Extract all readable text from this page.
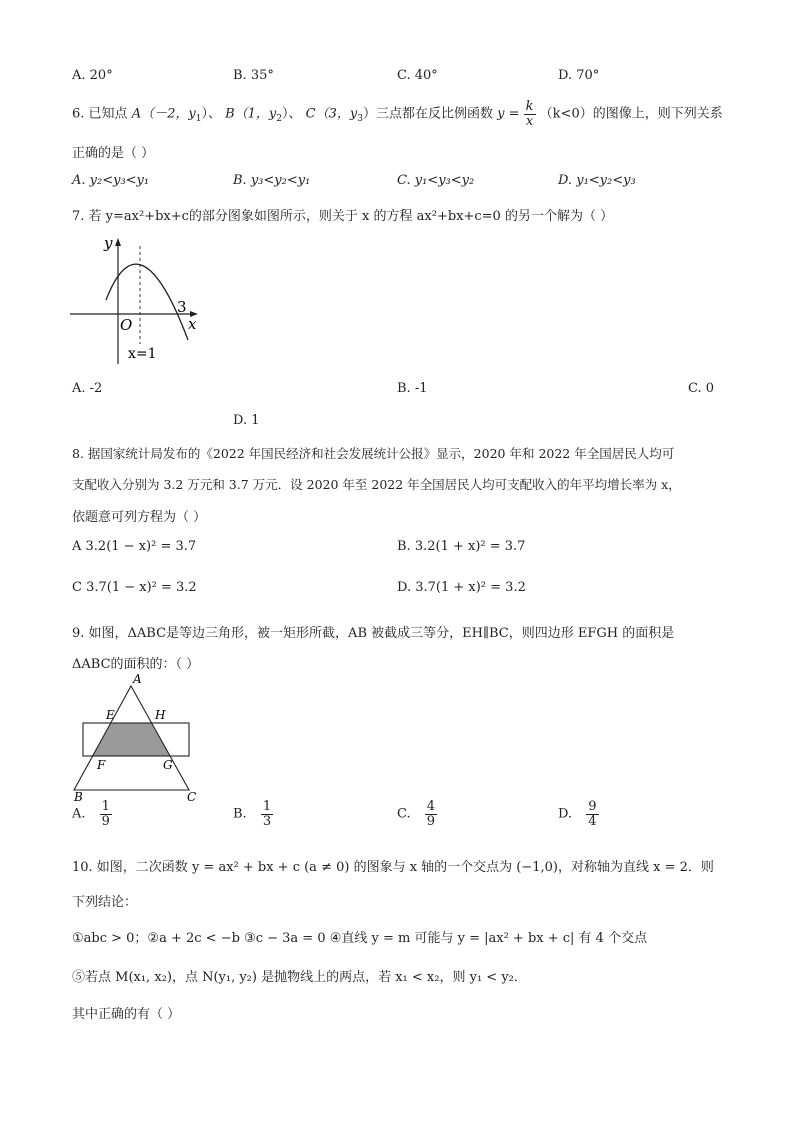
A. 20°	B. 35°	C. 40°	D. 70°
6. 已知点 A（－2，$y_1$）、 B（1，$y_2$）、 C（3，$y_3$）三点都在反比例函数 $y = \frac{k}{x} (k<0)$的图像上，则下列关系
正确的是（ ）
A. y₂<y₃<y₁	B. y₃<y₂<y₁	C. y₁<y₃<y₂	D. y₁<y₂<y₃
7. 若 y=ax²+bx+c的部分图象如图所示，则关于 x 的方程 ax²+bx+c=0 的另一个解为（ ）
y
x
O
3
x=1
A. -2	B. -1	C. 0
D. 1
8. 据国家统计局发布的《2022 年国民经济和社会发展统计公报》显示，2020 年和 2022 年全国居民人均可
支配收入分别为 3.2 万元和 3.7 万元．设 2020 年至 2022 年全国居民人均可支配收入的年平均增长率为 x，
依题意可列方程为（ ）
A 3.2(1 − x)² = 3.7	B. 3.2(1 + x)² = 3.7
C 3.7(1 − x)² = 3.2	D. 3.7(1 + x)² = 3.2
9. 如图，ΔABC是等边三角形，被一矩形所截，AB 被截成三等分，EH∥BC，则四边形 EFGH 的面积是
ΔABC的面积的：（ ）
A
E	H
F	G
B	C
A. $\frac{1}{9}$	B. $\frac{1}{3}$	C. $\frac{4}{9}$	D. $\frac{9}{4}$
10. 如图，二次函数 y = ax² + bx + c (a ≠ 0) 的图象与 x 轴的一个交点为 (−1,0)，对称轴为直线 x = 2．则
下列结论：
①abc > 0；②a + 2c < −b ③c − 3a = 0 ④直线 y = m 可能与 y = |ax² + bx + c| 有 4 个交点
⑤若点 M(x₁, x₂)，点 N(y₁, y₂) 是抛物线上的两点，若 x₁ < x₂，则 y₁ < y₂．
其中正确的有（ ）
